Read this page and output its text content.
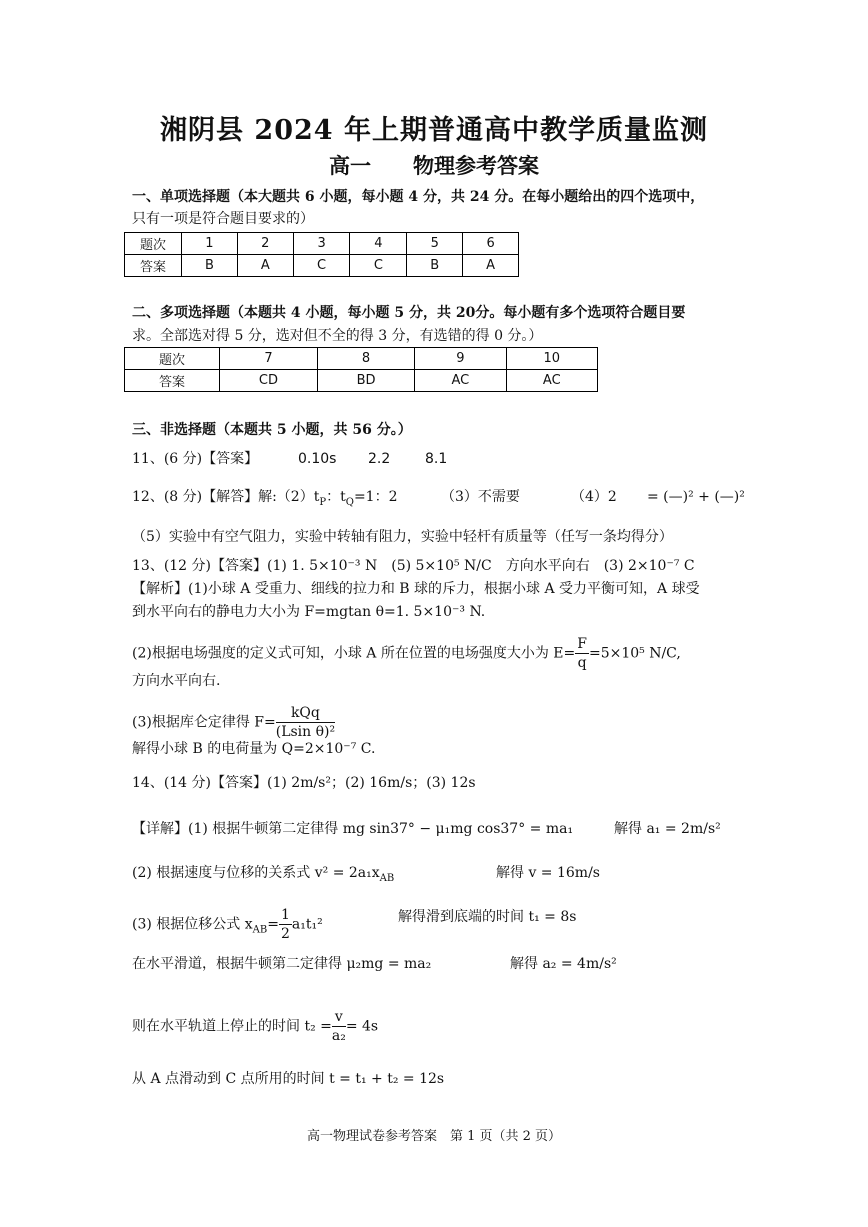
湘阴县 2024 年上期普通高中教学质量监测
高一　　物理参考答案
一、单项选择题（本大题共 6 小题，每小题 4 分，共 24 分。在每小题给出的四个选项中，
只有一项是符合题目要求的）
题次	1	2	3	4	5	6
答案	B	A	C	C	B	A
二、多项选择题（本题共 4 小题，每小题 5 分，共 20分。每小题有多个选项符合题目要
求。全部选对得 5 分，选对但不全的得 3 分，有选错的得 0 分。）
题次	7	8	9	10
答案	CD	BD	AC	AC
三、非选择题（本题共 5 小题，共 56 分。）
11、(6 分)【答案】	0.10s 2.2 8.1
12、(8 分)【解答】解$:(2)t_P$：$t_Q=1$：2	（3）不需要	（4）2 = (—)² + (—)²
（5）实验中有空气阻力，实验中转轴有阻力，实验中轻杆有质量等（任写一条均得分）
13、(12 分)【答案】(1) 1. 5×10⁻³ N　(5) 5×10⁵ N/C　方向水平向右　(3) 2×10⁻⁷ C
【解析】(1)小球 A 受重力、细线的拉力和 B 球的斥力，根据小球 A 受力平衡可知，A 球受
到水平向右的静电力大小为 F=mgtan θ=1. 5×10⁻³ N.
(2)根据电场强度的定义式可知，小球 A 所在位置的电场强度大小为 $E= \frac{F}{q} =5\times 10^5$ N/C,
方向水平向右.
(3)根据库仑定律得 $F= \frac{\text{kQq}}{\text{(Lsin θ)²}}$
解得小球 B 的电荷量为 Q=2×10⁻⁷ C.
14、(14 分)【答案】(1) 2m/s²；(2) 16m/s；(3) 12s
【详解】(1) 根据牛顿第二定律得 mg sin37° − μ₁mg cos37° = ma₁	解得 a₁ = 2m/s²
(2) 根据速度与位移的关系式 $v^2 = 2a_1x_{AB}$	解得 v = 16m/s
(3) 根据位移公式 $x_{AB}= \frac{1}{2} a_1t_1^2$	解得滑到底端的时间 t₁ = 8s
在水平滑道，根据牛顿第二定律得 μ₂mg = ma₂	解得 a₂ = 4m/s²
则在水平轨道上停止的时间 $t_2 = \frac{v}{\text{a₂}} = 4s$
从 A 点滑动到 C 点所用的时间 t = t₁ + t₂ = 12s
高一物理试卷参考答案　第 1 页（共 2 页）
